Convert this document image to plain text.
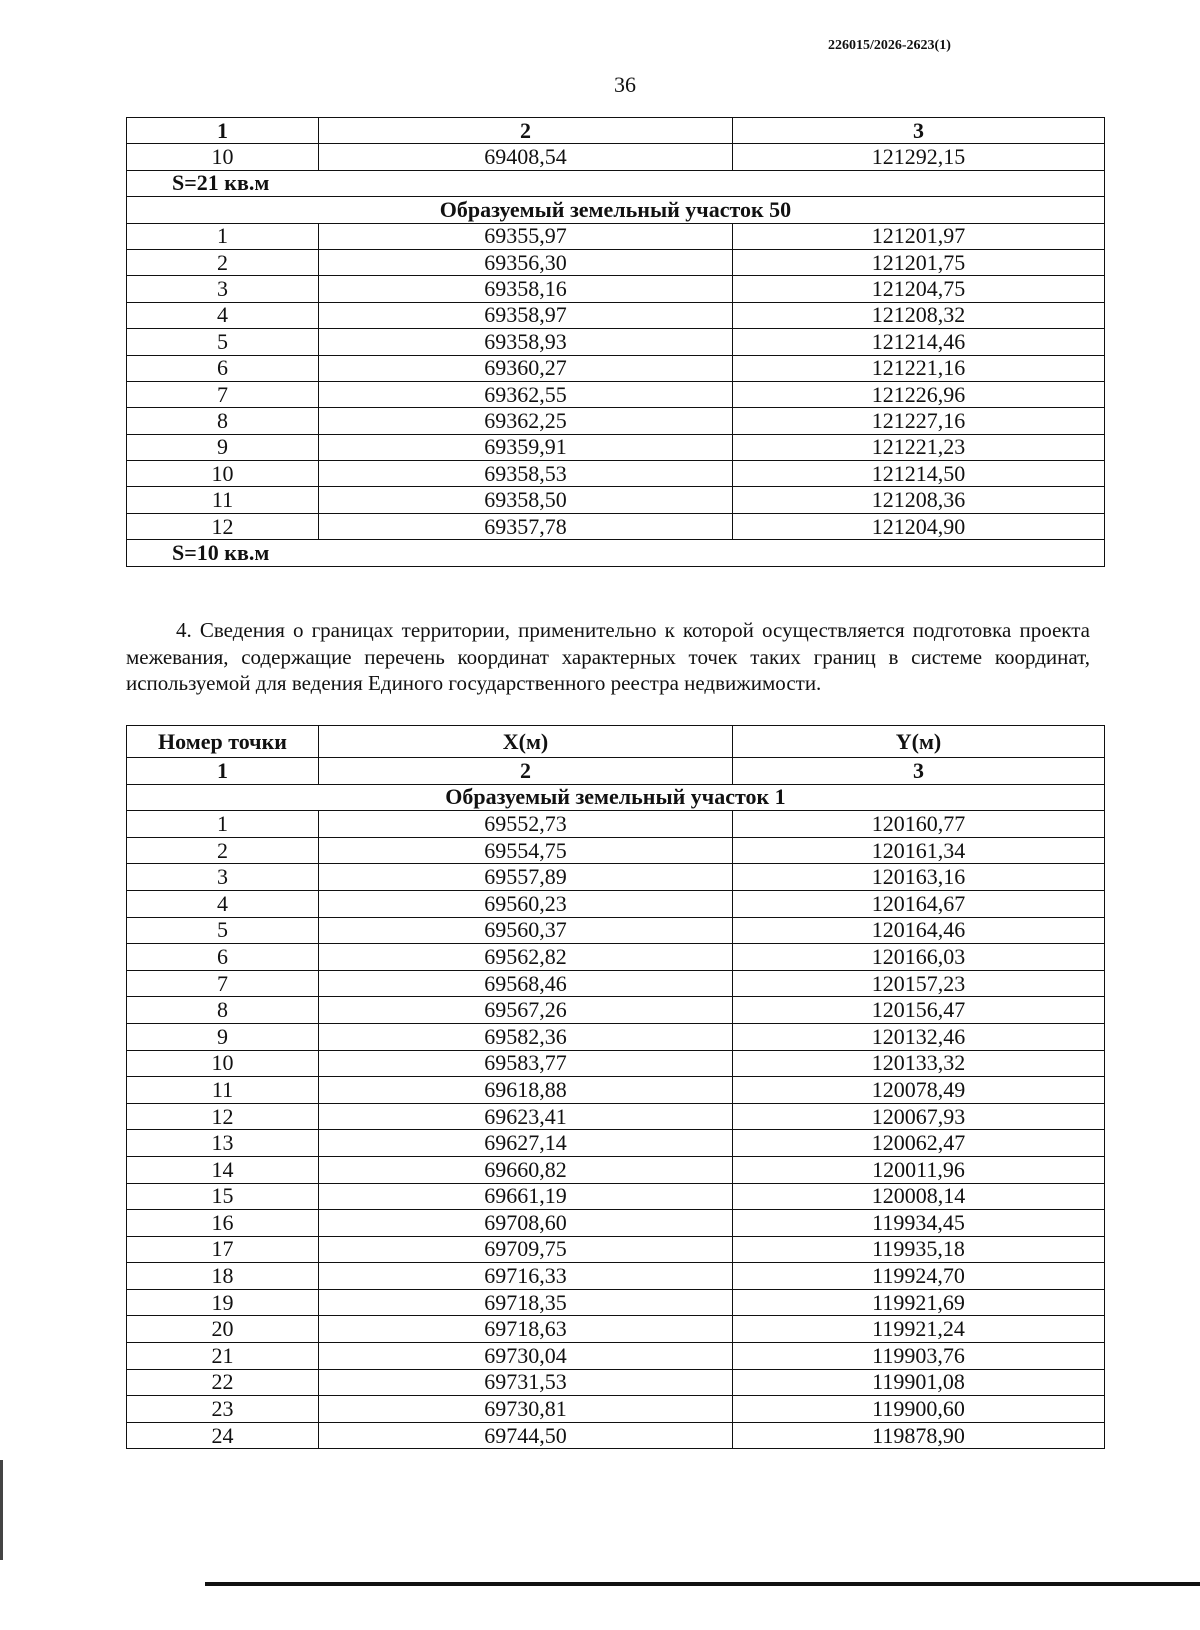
226015/2026-2623(1)
36
1	2	3
10	69408,54	121292,15
S=21 кв.м		
Образуемый земельный участок 50		
1	69355,97	121201,97
2	69356,30	121201,75
3	69358,16	121204,75
4	69358,97	121208,32
5	69358,93	121214,46
6	69360,27	121221,16
7	69362,55	121226,96
8	69362,25	121227,16
9	69359,91	121221,23
10	69358,53	121214,50
11	69358,50	121208,36
12	69357,78	121204,90
S=10 кв.м		

4. Сведения о границах территории, применительно к которой осуществляется подготовка проекта межевания, содержащие перечень координат характерных точек таких границ в системе координат, используемой для ведения Единого государственного реестра недвижимости.

Номер точки	X(м)	Y(м)
1	2	3
Образуемый земельный участок 1		
1	69552,73	120160,77
2	69554,75	120161,34
3	69557,89	120163,16
4	69560,23	120164,67
5	69560,37	120164,46
6	69562,82	120166,03
7	69568,46	120157,23
8	69567,26	120156,47
9	69582,36	120132,46
10	69583,77	120133,32
11	69618,88	120078,49
12	69623,41	120067,93
13	69627,14	120062,47
14	69660,82	120011,96
15	69661,19	120008,14
16	69708,60	119934,45
17	69709,75	119935,18
18	69716,33	119924,70
19	69718,35	119921,69
20	69718,63	119921,24
21	69730,04	119903,76
22	69731,53	119901,08
23	69730,81	119900,60
24	69744,50	119878,90
